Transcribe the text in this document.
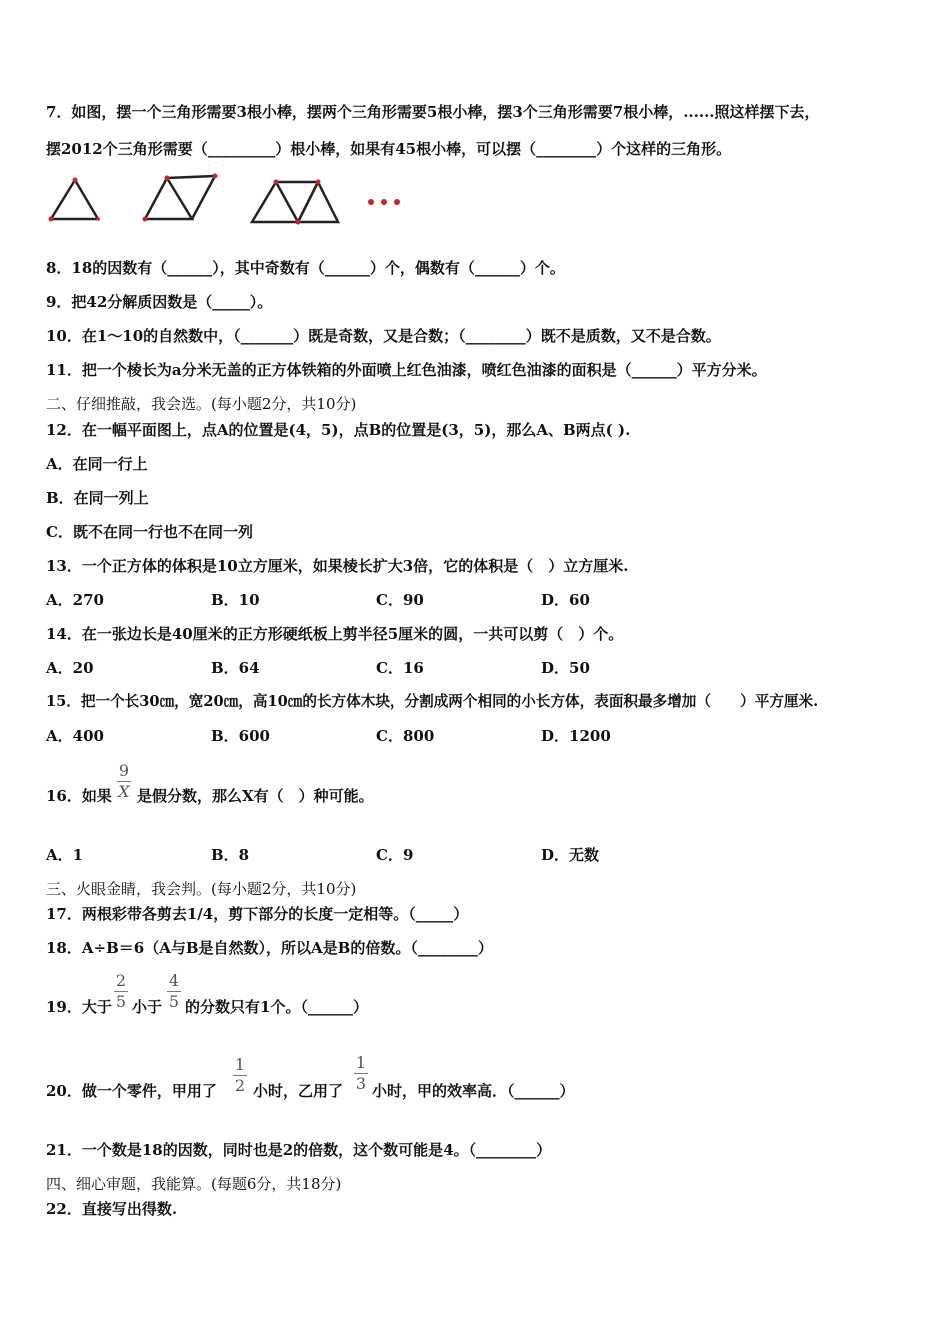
7．如图，摆一个三角形需要3根小棒，摆两个三角形需要5根小棒，摆3个三角形需要7根小棒，......照这样摆下去，
摆2012个三角形需要（_________）根小棒，如果有45根小棒，可以摆（________）个这样的三角形。
8．18的因数有（______），其中奇数有（______）个，偶数有（______）个。
9．把42分解质因数是（_____）。
10．在1～10的自然数中，（_______）既是奇数，又是合数；（________）既不是质数，又不是合数。
11．把一个棱长为a分米无盖的正方体铁箱的外面喷上红色油漆，喷红色油漆的面积是（______）平方分米。
二、仔细推敲，我会选。(每小题2分，共10分)
12．在一幅平面图上，点A的位置是(4，5)，点B的位置是(3，5)，那么A、B两点( ).
A．在同一行上
B．在同一列上
C．既不在同一行也不在同一列
13．一个正方体的体积是10立方厘米，如果棱长扩大3倍，它的体积是（　）立方厘米.
A．270	B．10	C．90	D．60
14．在一张边长是40厘米的正方形硬纸板上剪半径5厘米的圆，一共可以剪（　）个。
A．20	B．64	C．16	D．50
15．把一个长30㎝，宽20㎝，高10㎝的长方体木块，分割成两个相同的小长方体，表面积最多增加（　　）平方厘米.
A．400	B．600	C．800	D．1200
16．如果
9
X 是假分数，那么X有（　）种可能。
A．1	B．8	C．9	D．无数
三、火眼金睛，我会判。(每小题2分，共10分)
17．两根彩带各剪去1/4，剪下部分的长度一定相等。（_____）
18．A÷B＝6（A与B是自然数），所以A是B的倍数。（________）
19．大于
2
5 小于
4
5 的分数只有1个。（______）
20．做一个零件，甲用了
1
2 小时，乙用了
1
3 小时，甲的效率高．（______）
21．一个数是18的因数，同时也是2的倍数，这个数可能是4。（________）
四、细心审题，我能算。(每题6分，共18分)
22．直接写出得数.
